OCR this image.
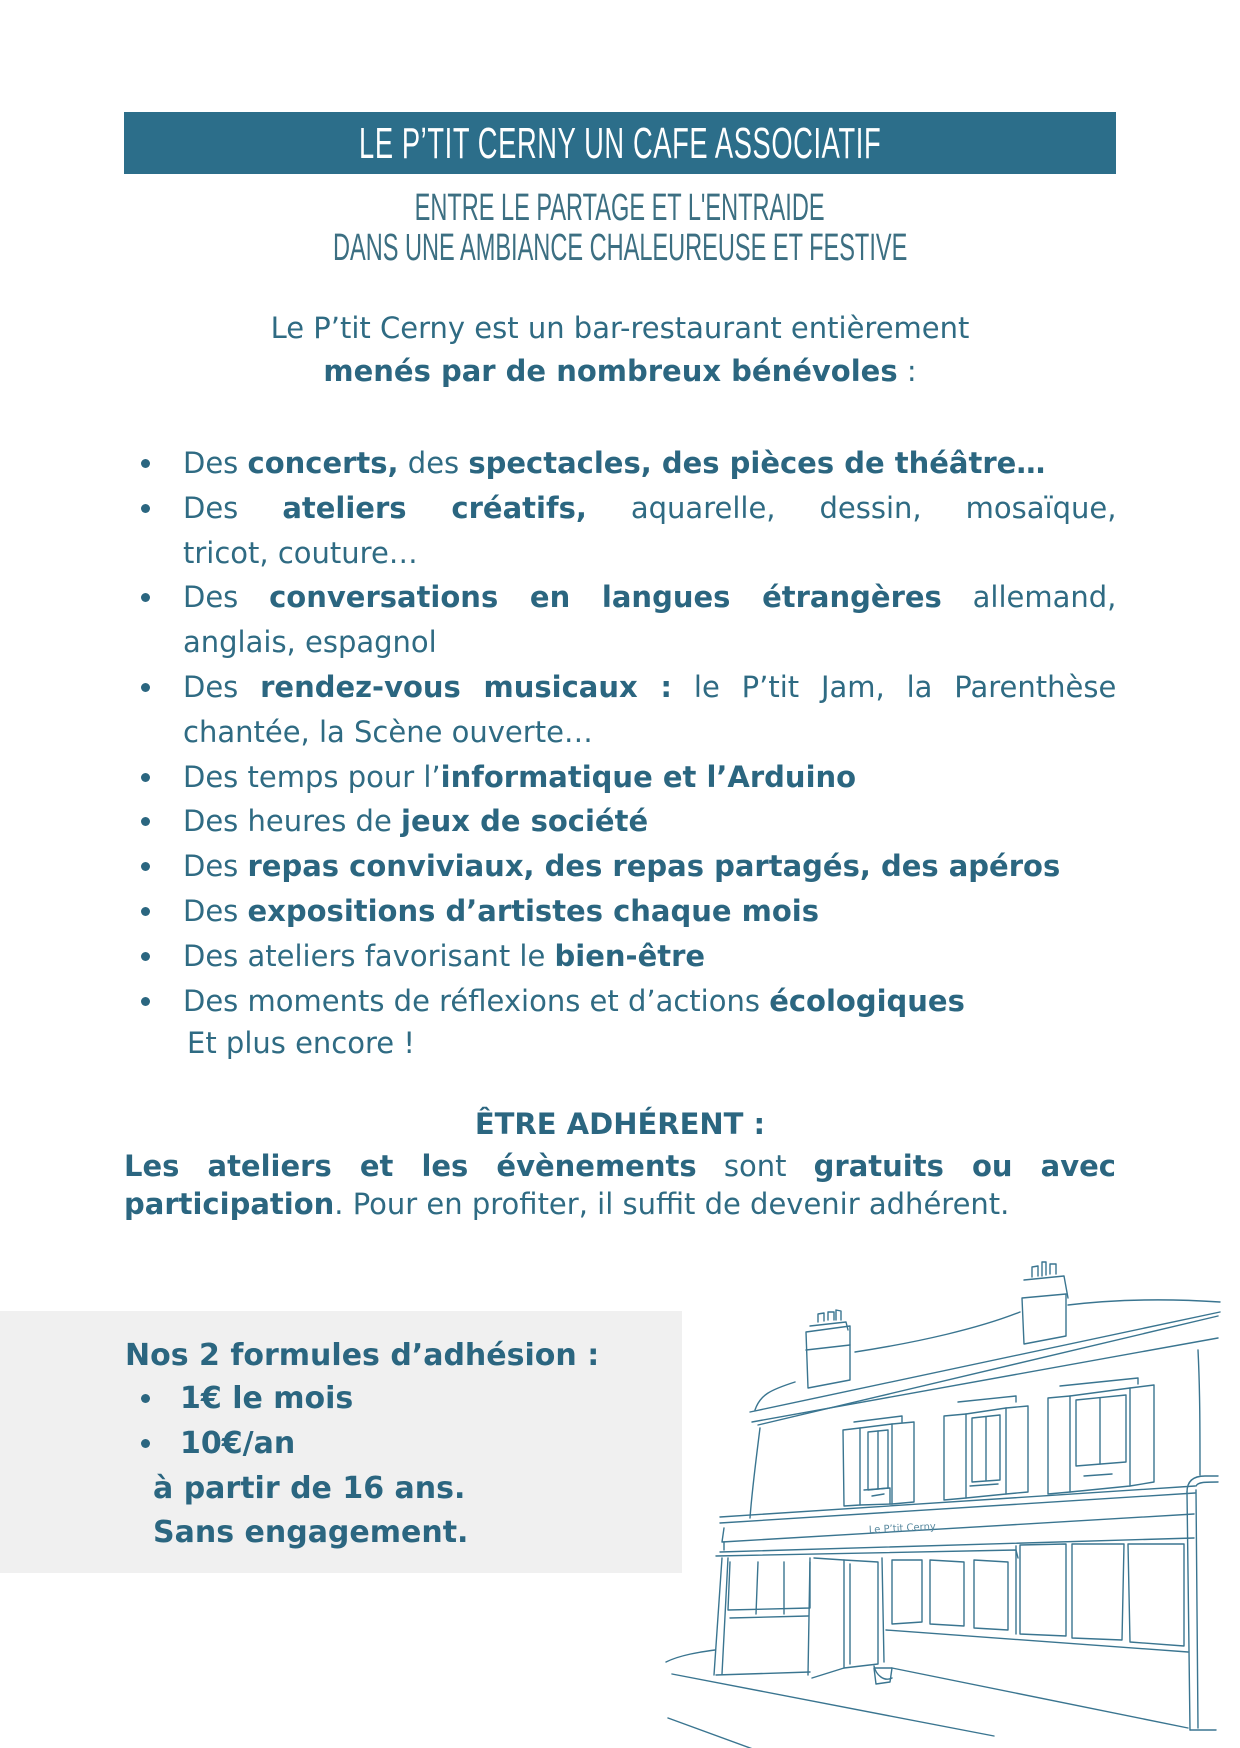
LE P’TIT CERNY UN CAFE ASSOCIATIF
ENTRE LE PARTAGE ET L'ENTRAIDE
DANS UNE AMBIANCE CHALEUREUSE ET FESTIVE
Le P’tit Cerny est un bar-restaurant entièrement
menés par de nombreux bénévoles :
Des concerts, des spectacles, des pièces de théâtre…
Des ateliers créatifs, aquarelle, dessin, mosaïque,
tricot, couture…
Des conversations en langues étrangères allemand,
anglais, espagnol
Des rendez-vous musicaux : le P’tit Jam, la Parenthèse
chantée, la Scène ouverte…
Des temps pour l’informatique et l’Arduino
Des heures de jeux de société
Des repas conviviaux, des repas partagés, des apéros
Des expositions d’artistes chaque mois
Des ateliers favorisant le bien-être
Des moments de réflexions et d’actions écologiques
Et plus encore !
ÊTRE ADHÉRENT :
Les ateliers et les évènements sont gratuits ou avec
participation. Pour en profiter, il suffit de devenir adhérent.
Nos 2 formules d’adhésion :
1€ le mois
10€/an
à partir de 16 ans.
Sans engagement.	Le P’tit Cerny
